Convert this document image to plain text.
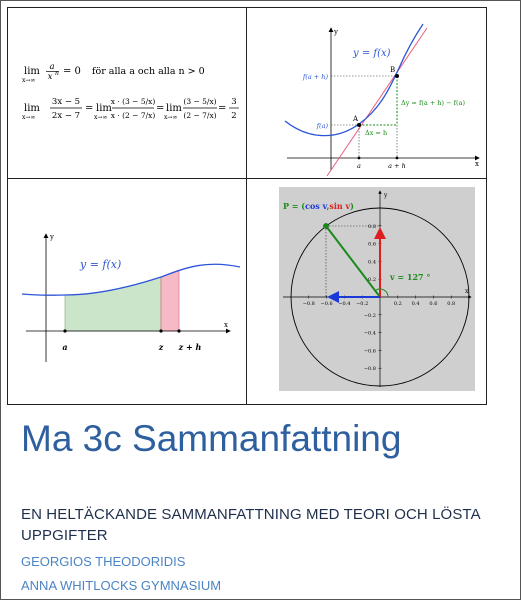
lim
x→∞
a
x n = 0 för alla a och alla n > 0
lim
x→∞
3x − 5
2x − 7
= lim
x→∞
x · (3 − 5/x)
x · (2 − 7/x)
= lim
x→∞
(3 − 5/x)
(2 − 7/x)
=
3
2
y
x
y = f(x)
A
B
f(a)
f(a + h)
a	a + h
Δx = h
Δy = f(a + h) − f(a)
y
x
y = f(x)
a	z z + h
x
y
−0.8 −0.6 −0.4 −0.2	0.2 0.4 0.6 0.8
0.8
0.6
0.4
0.2
−0.2
−0.4
−0.6
−0.8
P = (cos v,sin v)
v = 127 °
Ma 3c Sammanfattning

EN HELTÄCKANDE SAMMANFATTNING MED TEORI OCH LÖSTA UPPGIFTER

GEORGIOS THEODORIDIS

ANNA WHITLOCKS GYMNASIUM
